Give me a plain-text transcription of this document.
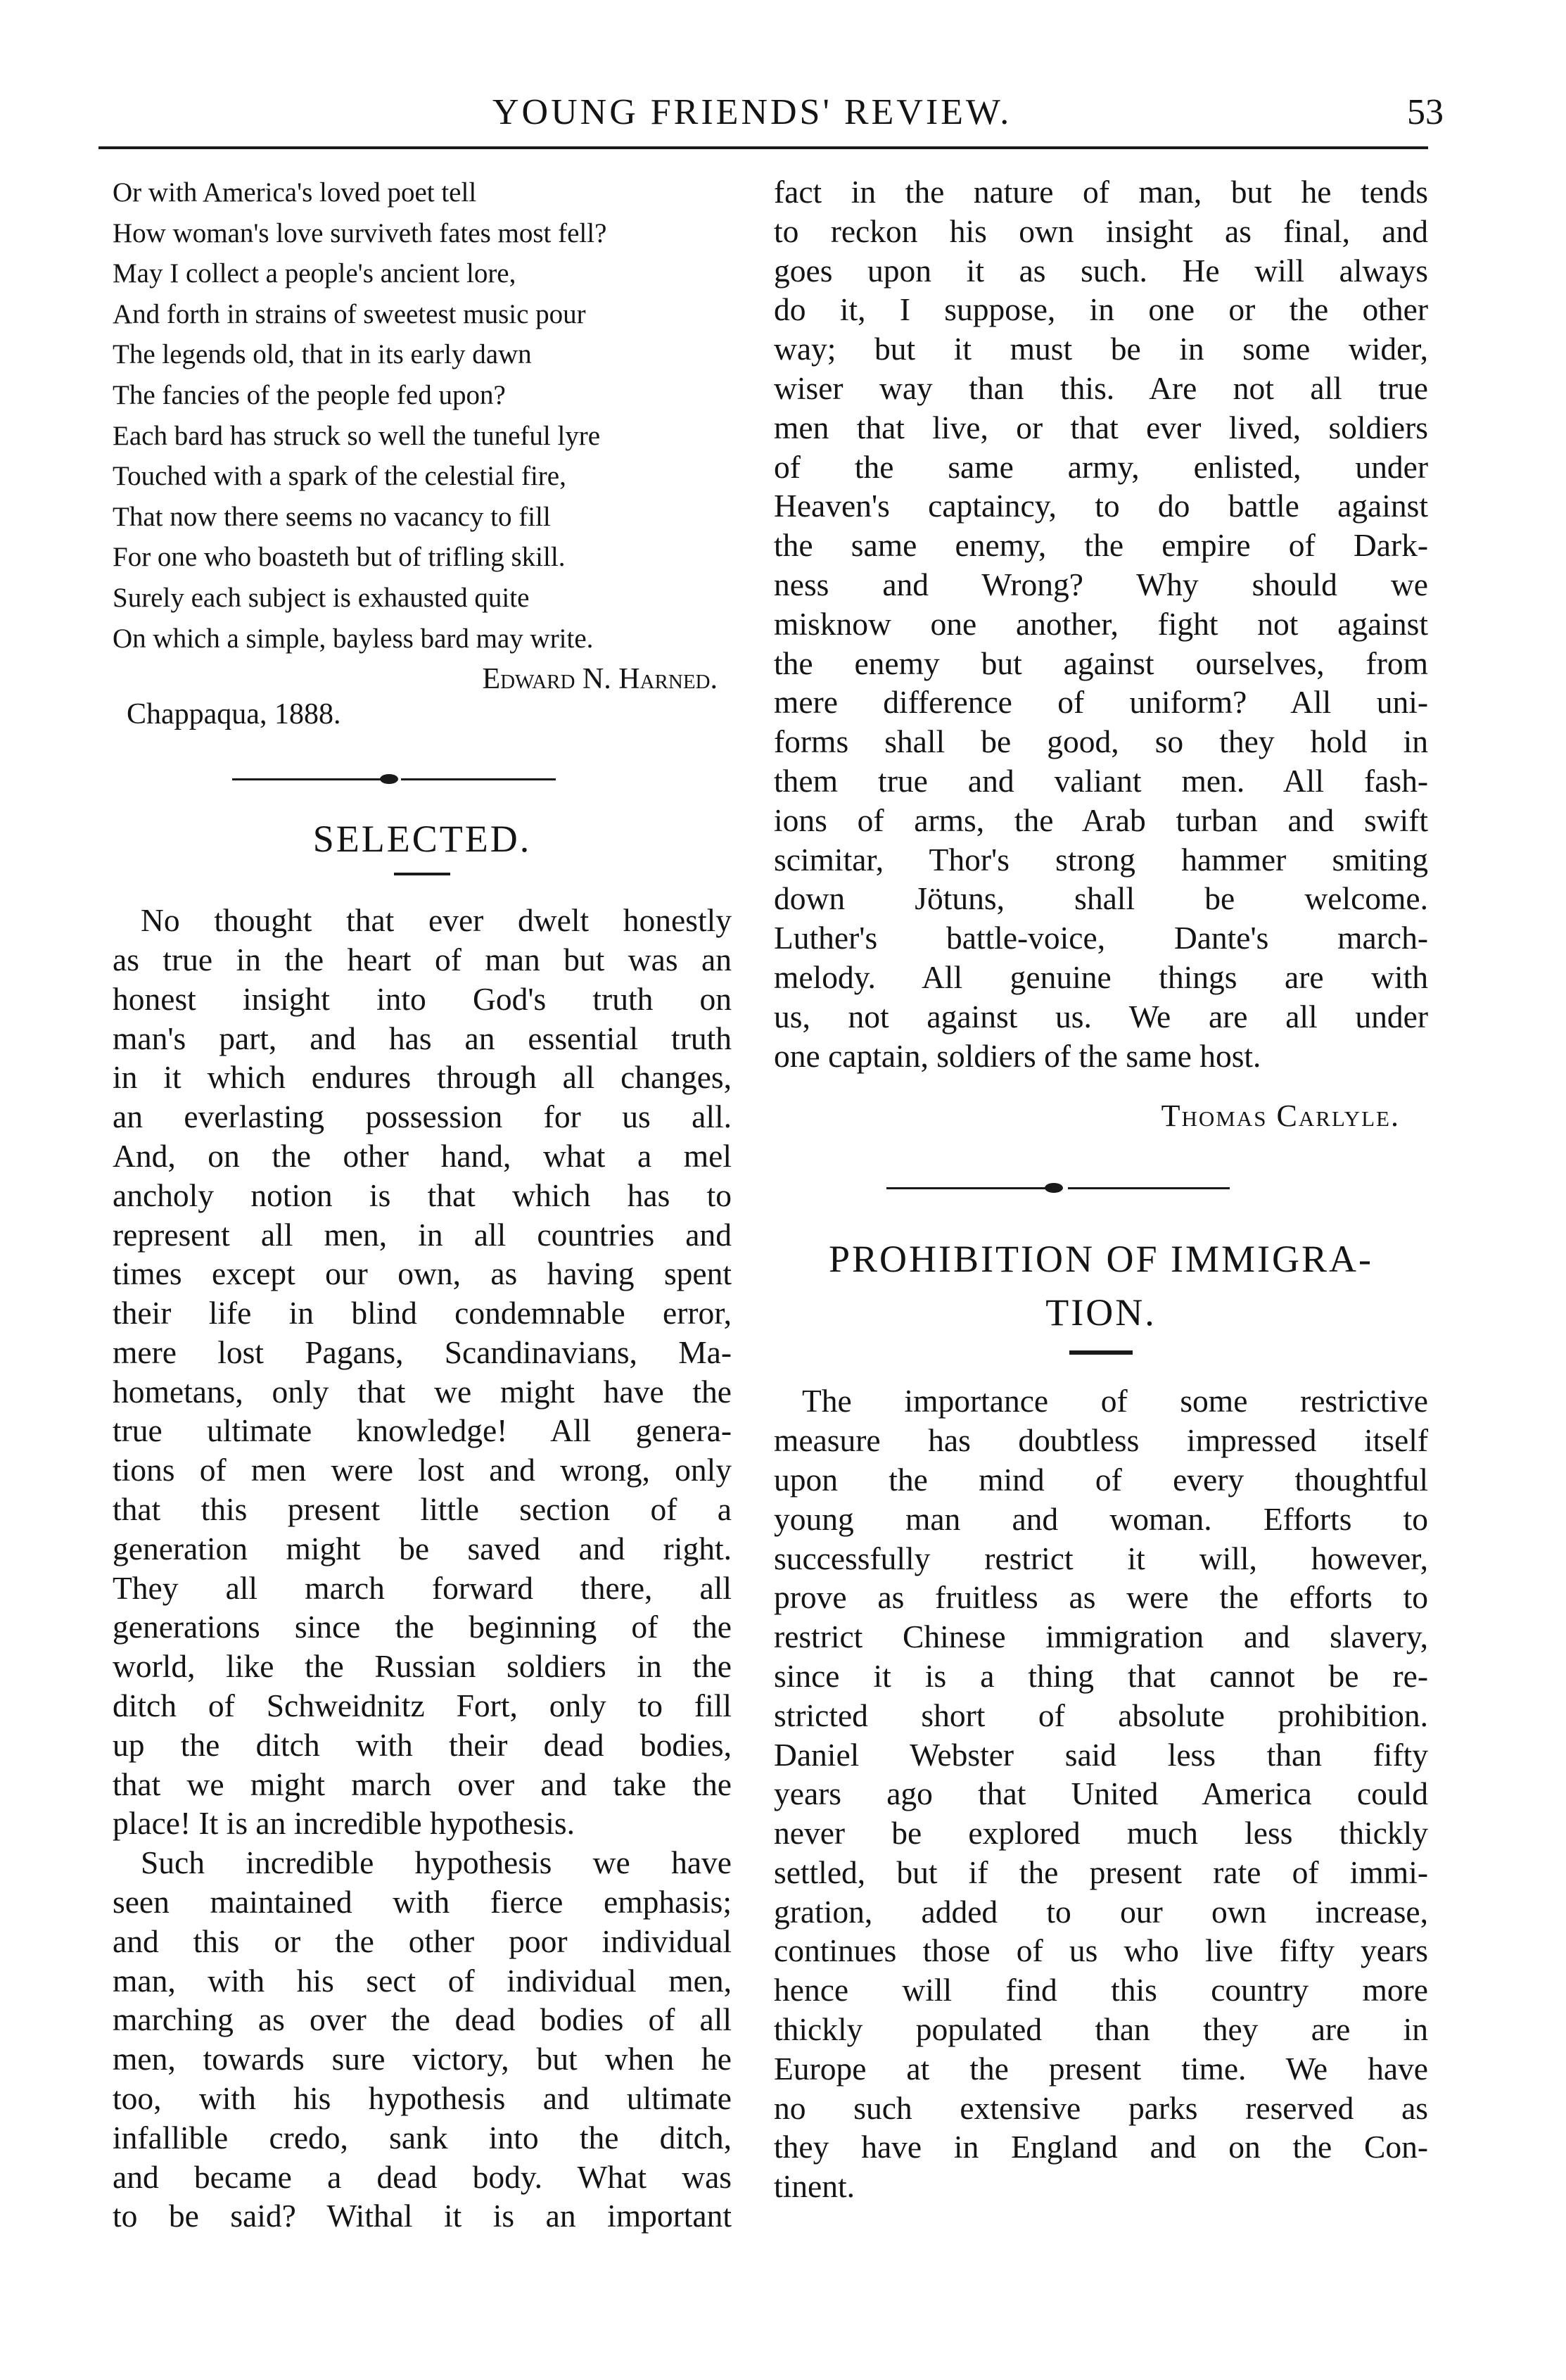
YOUNG FRIENDS' REVIEW.	53
Or with America's loved poet tell
How woman's love surviveth fates most fell?
May I collect a people's ancient lore,
And forth in strains of sweetest music pour
The legends old, that in its early dawn
The fancies of the people fed upon?
Each bard has struck so well the tuneful lyre
Touched with a spark of the celestial fire,
That now there seems no vacancy to fill
For one who boasteth but of trifling skill.
Surely each subject is exhausted quite
On which a simple, bayless bard may write.
Edward N. Harned.
Chappaqua, 1888.
SELECTED.
No thought that ever dwelt honestly
as true in the heart of man but was an
honest insight into God's truth on
man's part, and has an essential truth
in it which endures through all changes,
an everlasting possession for us all.
And, on the other hand, what a mel
ancholy notion is that which has to
represent all men, in all countries and
times except our own, as having spent
their life in blind condemnable error,
mere lost Pagans, Scandinavians, Ma-
hometans, only that we might have the
true ultimate knowledge! All genera-
tions of men were lost and wrong, only
that this present little section of a
generation might be saved and right.
They all march forward there, all
generations since the beginning of the
world, like the Russian soldiers in the
ditch of Schweidnitz Fort, only to fill
up the ditch with their dead bodies,
that we might march over and take the
place! It is an incredible hypothesis.
Such incredible hypothesis we have
seen maintained with fierce emphasis;
and this or the other poor individual
man, with his sect of individual men,
marching as over the dead bodies of all
men, towards sure victory, but when he
too, with his hypothesis and ultimate
infallible credo, sank into the ditch,
and became a dead body. What was
to be said? Withal it is an important
fact in the nature of man, but he tends
to reckon his own insight as final, and
goes upon it as such. He will always
do it, I suppose, in one or the other
way; but it must be in some wider,
wiser way than this. Are not all true
men that live, or that ever lived, soldiers
of the same army, enlisted, under
Heaven's captaincy, to do battle against
the same enemy, the empire of Dark-
ness and Wrong? Why should we
misknow one another, fight not against
the enemy but against ourselves, from
mere difference of uniform? All uni-
forms shall be good, so they hold in
them true and valiant men. All fash-
ions of arms, the Arab turban and swift
scimitar, Thor's strong hammer smiting
down Jötuns, shall be welcome.
Luther's battle-voice, Dante's march-
melody. All genuine things are with
us, not against us. We are all under
one captain, soldiers of the same host.
Thomas Carlyle.
PROHIBITION OF IMMIGRA-
TION.
The importance of some restrictive
measure has doubtless impressed itself
upon the mind of every thoughtful
young man and woman. Efforts to
successfully restrict it will, however,
prove as fruitless as were the efforts to
restrict Chinese immigration and slavery,
since it is a thing that cannot be re-
stricted short of absolute prohibition.
Daniel Webster said less than fifty
years ago that United America could
never be explored much less thickly
settled, but if the present rate of immi-
gration, added to our own increase,
continues those of us who live fifty years
hence will find this country more
thickly populated than they are in
Europe at the present time. We have
no such extensive parks reserved as
they have in England and on the Con-
tinent.
